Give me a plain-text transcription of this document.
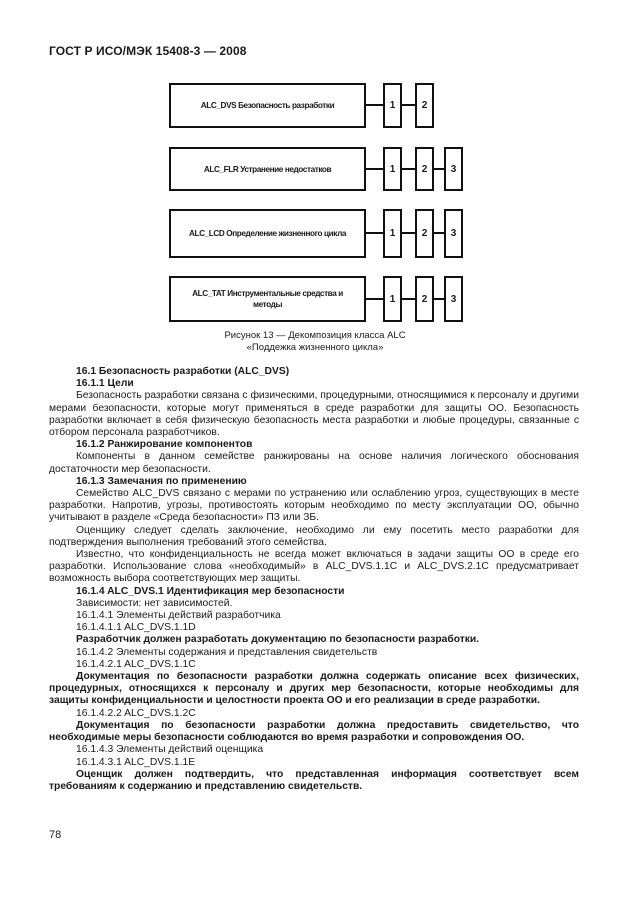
ГОСТ Р ИСО/МЭК 15408-3 — 2008
ALC_DVS Безопасность разработки	1	2
ALC_FLR Устранение недостатков	1	2	3
ALC_LCD Определение жизненного цикла	1	2	3
ALC_TAT Инструментальные средства и методы	1	2	3
Рисунок 13 — Декомпозиция класса ALC
«Поддежка жизненного цикла»

16.1 Безопасность разработки (ALC_DVS)

16.1.1 Цели

Безопасность разработки связана с физическими, процедурными, относящимися к персоналу и другими мерами безопасности, которые могут применяться в среде разработки для защиты ОО. Безопасность разработки включает в себя физическую безопасность места разработки и любые процедуры, связанные с отбором персонала разработчиков.

16.1.2 Ранжирование компонентов

Компоненты в данном семействе ранжированы на основе наличия логического обоснования достаточности мер безопасности.

16.1.3 Замечания по применению

Семейство ALC_DVS связано с мерами по устранению или ослаблению угроз, существующих в месте разработки. Напротив, угрозы, противостоять которым необходимо по месту эксплуатации ОО, обычно учитывают в разделе «Среда безопасности» ПЗ или ЗБ.

Оценщику следует сделать заключение, необходимо ли ему посетить место разработки для подтверждения выполнения требований этого семейства.

Известно, что конфиденциальность не всегда может включаться в задачи защиты ОО в среде его разработки. Использование слова «необходимый» в ALC_DVS.1.1C и ALC_DVS.2.1C предусматривает возможность выбора соответствующих мер защиты.

16.1.4 ALC_DVS.1 Идентификация мер безопасности

Зависимости: нет зависимостей.

16.1.4.1 Элементы действий разработчика

16.1.4.1.1 ALC_DVS.1.1D

Разработчик должен разработать документацию по безопасности разработки.

16.1.4.2 Элементы содержания и представления свидетельств

16.1.4.2.1 ALC_DVS.1.1C

Документация по безопасности разработки должна содержать описание всех физических, процедурных, относящихся к персоналу и других мер безопасности, которые необходимы для защиты конфиденциальности и целостности проекта ОО и его реализации в среде разработки.

16.1.4.2.2 ALC_DVS.1.2C

Документация по безопасности разработки должна предоставить свидетельство, что необходимые меры безопасности соблюдаются во время разработки и сопровождения ОО.

16.1.4.3 Элементы действий оценщика

16.1.4.3.1 ALC_DVS.1.1E

Оценщик должен подтвердить, что представленная информация соответствует всем требованиям к содержанию и представлению свидетельств.

78
